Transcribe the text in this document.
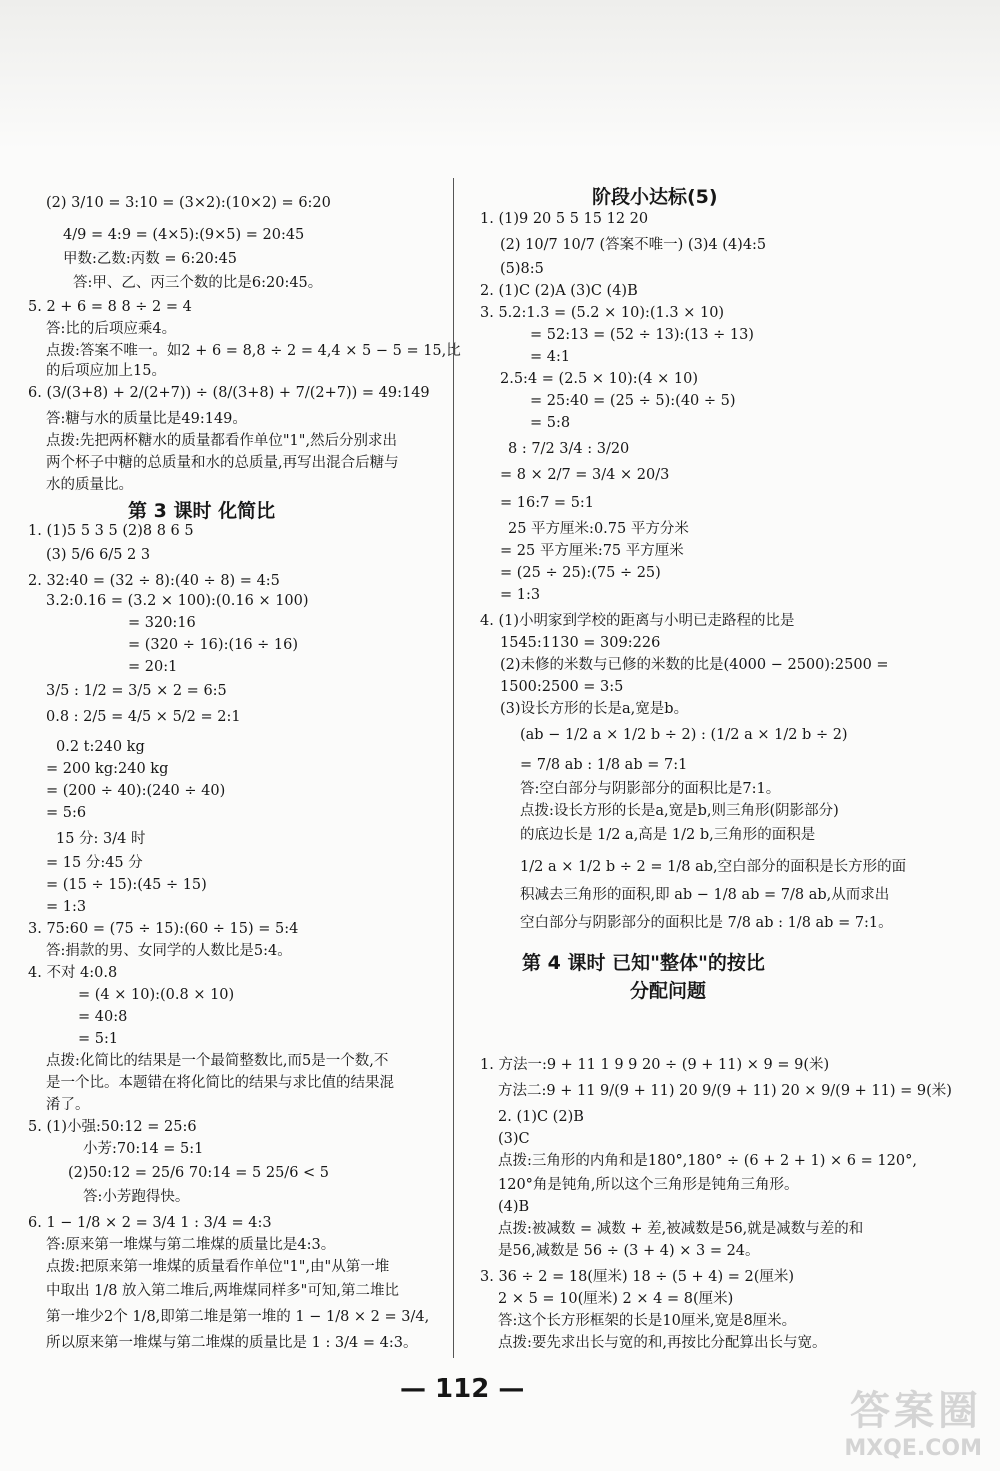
(2) 3/10 = 3:10 = (3×2):(10×2) = 6:20
4/9 = 4:9 = (4×5):(9×5) = 20:45
甲数:乙数:丙数 = 6:20:45
答:甲、乙、丙三个数的比是6:20:45。
5. 2 + 6 = 8 8 ÷ 2 = 4
答:比的后项应乘4。
点拨:答案不唯一。如2 + 6 = 8,8 ÷ 2 = 4,4 × 5 − 5 = 15,比
的后项应加上15。
6. (3/(3+8) + 2/(2+7)) ÷ (8/(3+8) + 7/(2+7)) = 49:149
答:糖与水的质量比是49:149。
点拨:先把两杯糖水的质量都看作单位"1",然后分别求出
两个杯子中糖的总质量和水的总质量,再写出混合后糖与
水的质量比。
1. (1)5 5 3 5 (2)8 8 6 5
(3) 5/6 6/5 2 3
2. 32:40 = (32 ÷ 8):(40 ÷ 8) = 4:5
3.2:0.16 = (3.2 × 100):(0.16 × 100)
= 320:16
= (320 ÷ 16):(16 ÷ 16)
= 20:1
3/5 : 1/2 = 3/5 × 2 = 6:5
0.8 : 2/5 = 4/5 × 5/2 = 2:1
0.2 t:240 kg
= 200 kg:240 kg
= (200 ÷ 40):(240 ÷ 40)
= 5:6
15 分: 3/4 时
= 15 分:45 分
= (15 ÷ 15):(45 ÷ 15)
= 1:3
3. 75:60 = (75 ÷ 15):(60 ÷ 15) = 5:4
答:捐款的男、女同学的人数比是5:4。
4. 不对 4:0.8
= (4 × 10):(0.8 × 10)
= 40:8
= 5:1
点拨:化简比的结果是一个最简整数比,而5是一个数,不
是一个比。本题错在将化简比的结果与求比值的结果混
淆了。
5. (1)小强:50:12 = 25:6
小芳:70:14 = 5:1
(2)50:12 = 25/6 70:14 = 5 25/6 < 5
答:小芳跑得快。
6. 1 − 1/8 × 2 = 3/4 1 : 3/4 = 4:3
答:原来第一堆煤与第二堆煤的质量比是4:3。
点拨:把原来第一堆煤的质量看作单位"1",由"从第一堆
中取出 1/8 放入第二堆后,两堆煤同样多"可知,第二堆比
第一堆少2个 1/8,即第二堆是第一堆的 1 − 1/8 × 2 = 3/4,
所以原来第一堆煤与第二堆煤的质量比是 1 : 3/4 = 4:3。
第 3 课时 化简比
1. (1)9 20 5 5 15 12 20
(2) 10/7 10/7 (答案不唯一) (3)4 (4)4:5
(5)8:5
2. (1)C (2)A (3)C (4)B
3. 5.2:1.3 = (5.2 × 10):(1.3 × 10)
= 52:13 = (52 ÷ 13):(13 ÷ 13)
= 4:1
2.5:4 = (2.5 × 10):(4 × 10)
= 25:40 = (25 ÷ 5):(40 ÷ 5)
= 5:8
8 : 7/2 3/4 : 3/20
= 8 × 2/7 = 3/4 × 20/3
= 16:7 = 5:1
25 平方厘米:0.75 平方分米
= 25 平方厘米:75 平方厘米
= (25 ÷ 25):(75 ÷ 25)
= 1:3
4. (1)小明家到学校的距离与小明已走路程的比是
1545:1130 = 309:226
(2)未修的米数与已修的米数的比是(4000 − 2500):2500 =
1500:2500 = 3:5
(3)设长方形的长是a,宽是b。
(ab − 1/2 a × 1/2 b ÷ 2) : (1/2 a × 1/2 b ÷ 2)
= 7/8 ab : 1/8 ab = 7:1
答:空白部分与阴影部分的面积比是7:1。
点拨:设长方形的长是a,宽是b,则三角形(阴影部分)
的底边长是 1/2 a,高是 1/2 b,三角形的面积是
1/2 a × 1/2 b ÷ 2 = 1/8 ab,空白部分的面积是长方形的面
积减去三角形的面积,即 ab − 1/8 ab = 7/8 ab,从而求出
空白部分与阴影部分的面积比是 7/8 ab : 1/8 ab = 7:1。
1. 方法一:9 + 11 1 9 9 20 ÷ (9 + 11) × 9 = 9(米)
方法二:9 + 11 9/(9 + 11) 20 9/(9 + 11) 20 × 9/(9 + 11) = 9(米)
2. (1)C (2)B
(3)C
点拨:三角形的内角和是180°,180° ÷ (6 + 2 + 1) × 6 = 120°,
120°角是钝角,所以这个三角形是钝角三角形。
(4)B
点拨:被减数 = 减数 + 差,被减数是56,就是减数与差的和
是56,减数是 56 ÷ (3 + 4) × 3 = 24。
3. 36 ÷ 2 = 18(厘米) 18 ÷ (5 + 4) = 2(厘米)
2 × 5 = 10(厘米) 2 × 4 = 8(厘米)
答:这个长方形框架的长是10厘米,宽是8厘米。
点拨:要先求出长与宽的和,再按比分配算出长与宽。
阶段小达标(5)
第 4 课时 已知"整体"的按比
分配问题
— 112 —	答案圈
MXQE.COM
